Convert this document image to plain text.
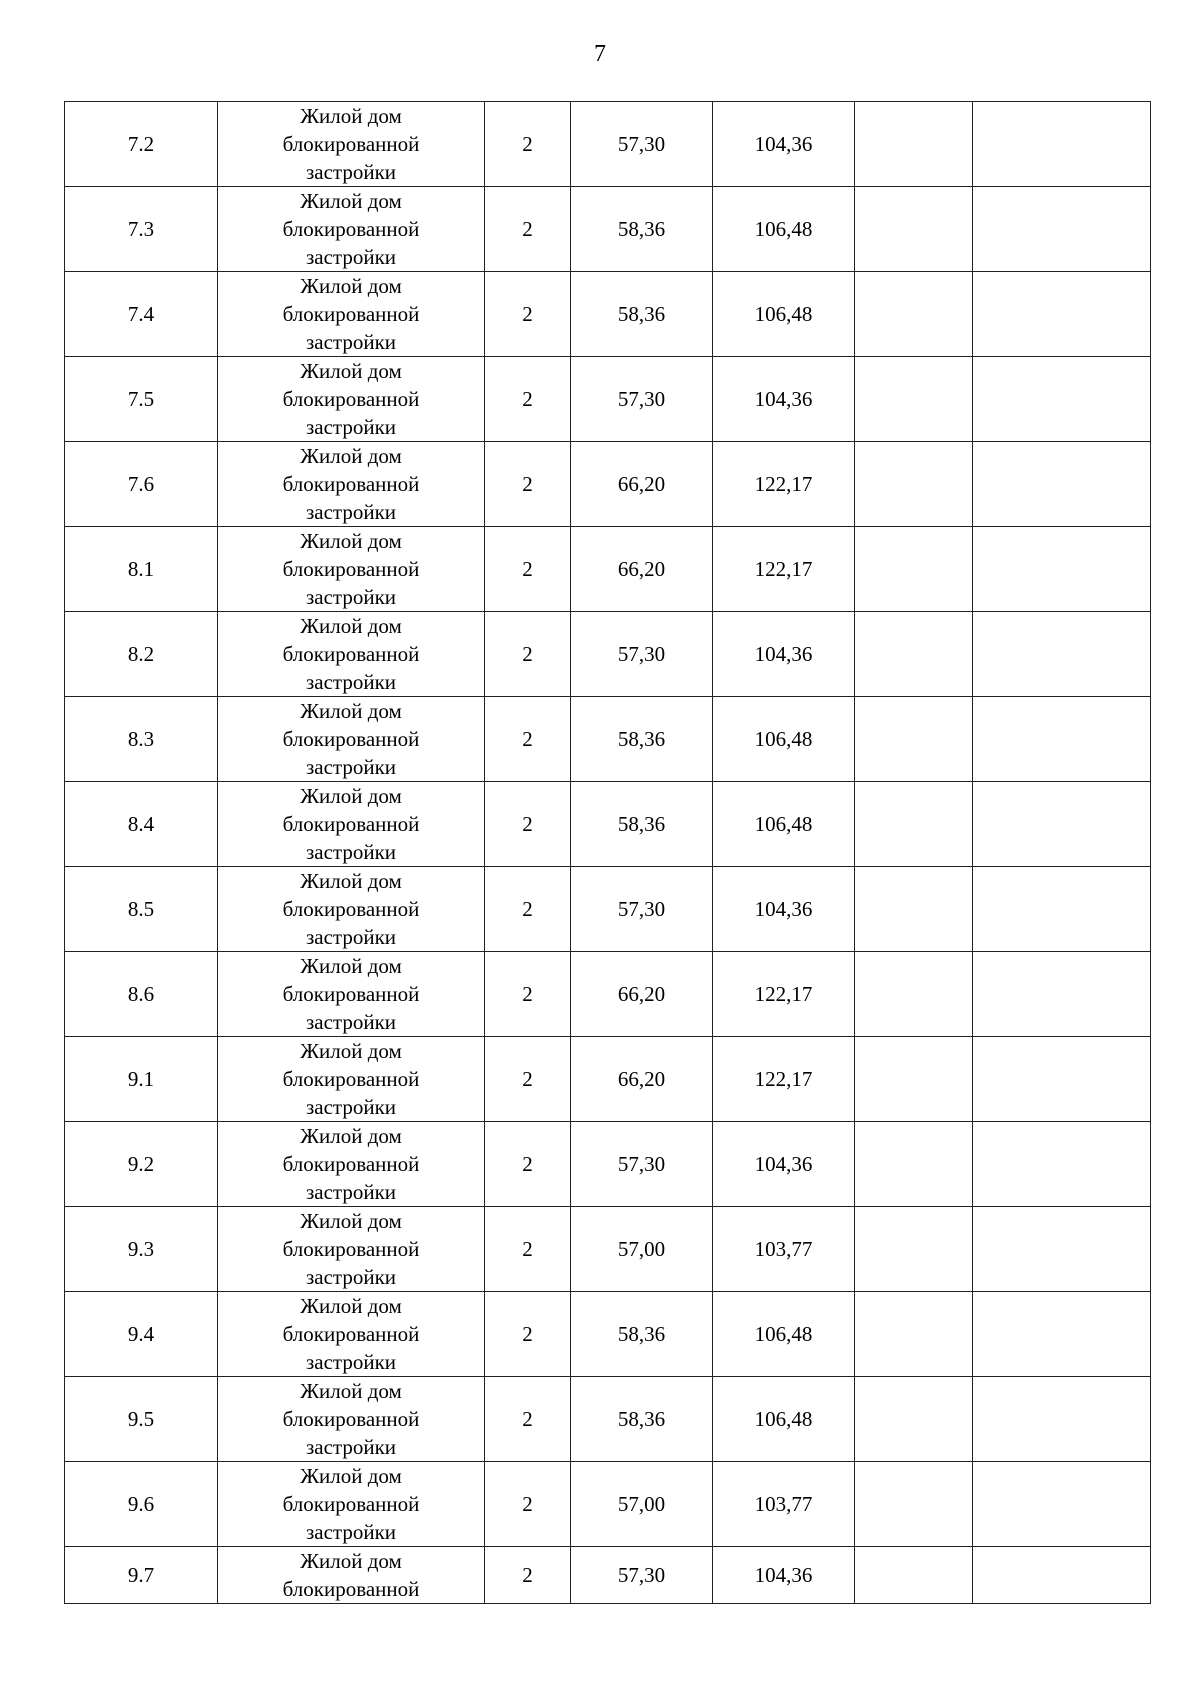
7
7.2	Жилой дом
блокированной
застройки	2	57,30	104,36		
7.3	Жилой дом
блокированной
застройки	2	58,36	106,48		
7.4	Жилой дом
блокированной
застройки	2	58,36	106,48		
7.5	Жилой дом
блокированной
застройки	2	57,30	104,36		
7.6	Жилой дом
блокированной
застройки	2	66,20	122,17		
8.1	Жилой дом
блокированной
застройки	2	66,20	122,17		
8.2	Жилой дом
блокированной
застройки	2	57,30	104,36		
8.3	Жилой дом
блокированной
застройки	2	58,36	106,48		
8.4	Жилой дом
блокированной
застройки	2	58,36	106,48		
8.5	Жилой дом
блокированной
застройки	2	57,30	104,36		
8.6	Жилой дом
блокированной
застройки	2	66,20	122,17		
9.1	Жилой дом
блокированной
застройки	2	66,20	122,17		
9.2	Жилой дом
блокированной
застройки	2	57,30	104,36		
9.3	Жилой дом
блокированной
застройки	2	57,00	103,77		
9.4	Жилой дом
блокированной
застройки	2	58,36	106,48		
9.5	Жилой дом
блокированной
застройки	2	58,36	106,48		
9.6	Жилой дом
блокированной
застройки	2	57,00	103,77		
9.7	Жилой дом
блокированной	2	57,30	104,36		
